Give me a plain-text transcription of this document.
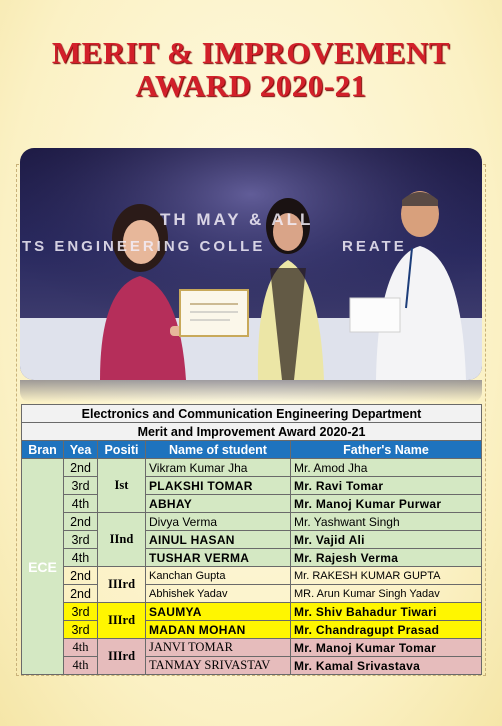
MERIT & IMPROVEMENT
AWARD 2020-21
TH MAY & ALL
TS ENGINEERING COLLE	REATE
Electronics and Communication Engineering Department				
Merit and Improvement Award 2020-21				
Bran	Yea	Positi	Name of student	Father's Name
ECE	2nd	Ist	Vikram Kumar Jha	Mr. Amod Jha
	3rd		PLAKSHI TOMAR	Mr. Ravi Tomar
	4th		ABHAY	Mr. Manoj Kumar Purwar
	2nd	IInd	Divya Verma	Mr. Yashwant Singh
	3rd		AINUL HASAN	Mr. Vajid Ali
	4th		TUSHAR VERMA	Mr. Rajesh Verma
	2nd	IIIrd	Kanchan Gupta	Mr. RAKESH KUMAR GUPTA
	2nd		Abhishek Yadav	MR. Arun Kumar Singh Yadav
	3rd	IIIrd	SAUMYA	Mr. Shiv Bahadur Tiwari
	3rd		MADAN MOHAN	Mr. Chandragupt Prasad
	4th	IIIrd	JANVI TOMAR	Mr. Manoj Kumar Tomar
	4th		TANMAY SRIVASTAV	Mr. Kamal Srivastava
